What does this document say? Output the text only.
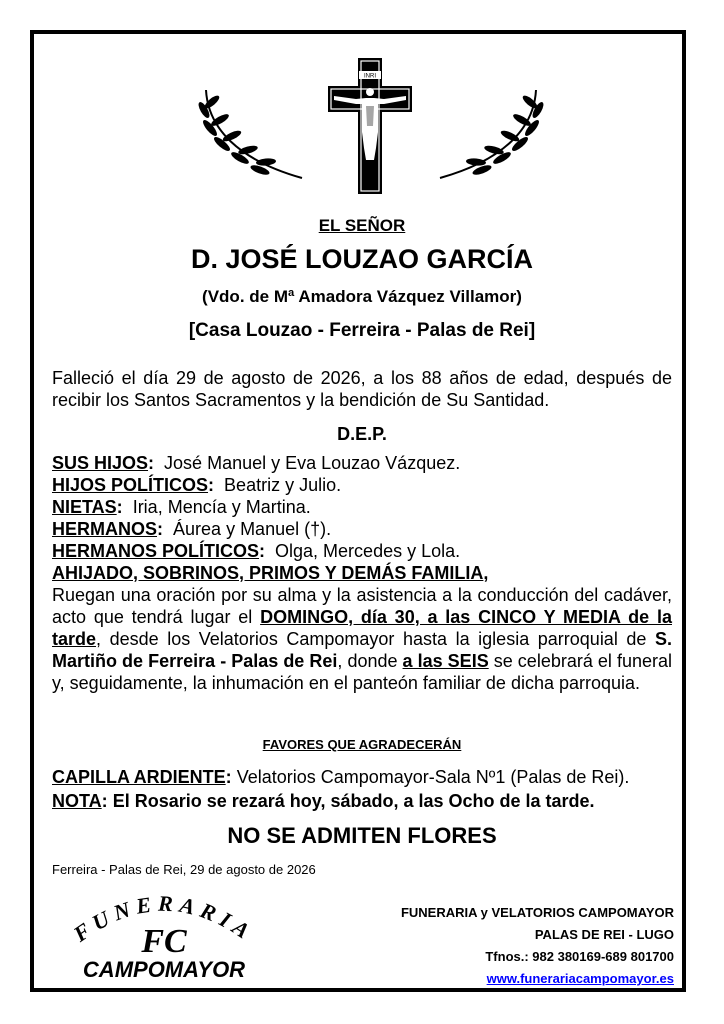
INRI
EL SEÑOR
D. JOSÉ LOUZAO GARCÍA
(Vdo. de Mª Amadora Vázquez Villamor)
[Casa Louzao - Ferreira - Palas de Rei]
Falleció el día 29 de agosto de 2026, a los 88 años de edad, después de recibir los Santos Sacramentos y la bendición de Su Santidad.
D.E.P.
SUS HIJOS: José Manuel y Eva Louzao Vázquez.
HIJOS POLÍTICOS: Beatriz y Julio.
NIETAS: Iria, Mencía y Martina.
HERMANOS: Áurea y Manuel (†).
HERMANOS POLÍTICOS: Olga, Mercedes y Lola.
AHIJADO, SOBRINOS, PRIMOS Y DEMÁS FAMILIA,
Ruegan una oración por su alma y la asistencia a la conducción del cadáver, acto que tendrá lugar el DOMINGO, día 30, a las CINCO Y MEDIA de la tarde, desde los Velatorios Campomayor hasta la iglesia parroquial de S. Martiño de Ferreira - Palas de Rei, donde a las SEIS se celebrará el funeral y, seguidamente, la inhumación en el panteón familiar de dicha parroquia.
FAVORES QUE AGRADECERÁN
CAPILLA ARDIENTE: Velatorios Campomayor-Sala Nº1 (Palas de Rei).
NOTA: El Rosario se rezará hoy, sábado, a las Ocho de la tarde.
NO SE ADMITEN FLORES
Ferreira - Palas de Rei, 29 de agosto de 2026
FUNERARIA
FC
CAMPOMAYOR
FUNERARIA y VELATORIOS CAMPOMAYOR
PALAS DE REI - LUGO
Tfnos.: 982 380169-689 801700
www.funerariacampomayor.es
